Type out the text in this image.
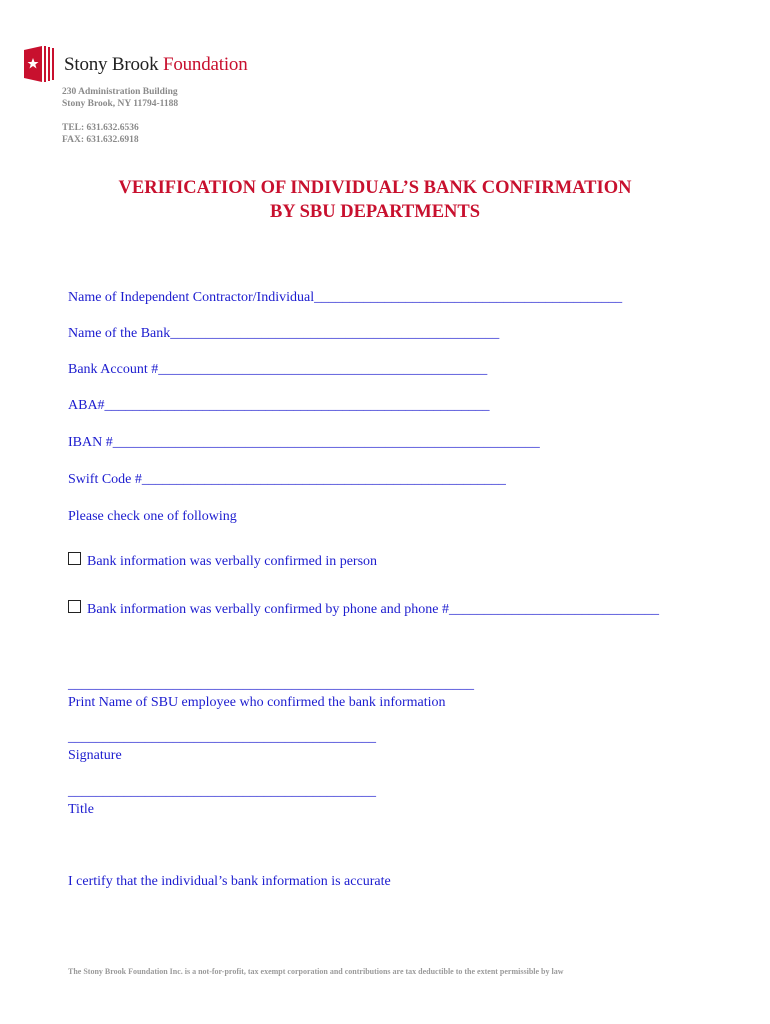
Stony Brook Foundation
230 Administration Building
Stony Brook, NY 11794-1188
TEL: 631.632.6536
FAX: 631.632.6918
VERIFICATION OF INDIVIDUAL’S BANK CONFIRMATION
BY SBU DEPARTMENTS
Name of Independent Contractor/Individual____________________________________________
Name of the Bank_______________________________________________
Bank Account #_______________________________________________
ABA#_______________________________________________________
IBAN #_____________________________________________________________
Swift Code #____________________________________________________
Please check one of following
Bank information was verbally confirmed in person
Bank information was verbally confirmed by phone and phone #______________________________
__________________________________________________________
Print Name of SBU employee who confirmed the bank information
____________________________________________
Signature
____________________________________________
Title
I certify that the individual’s bank information is accurate
The Stony Brook Foundation Inc. is a not-for-profit, tax exempt corporation and contributions are tax deductible to the extent permissible by law
